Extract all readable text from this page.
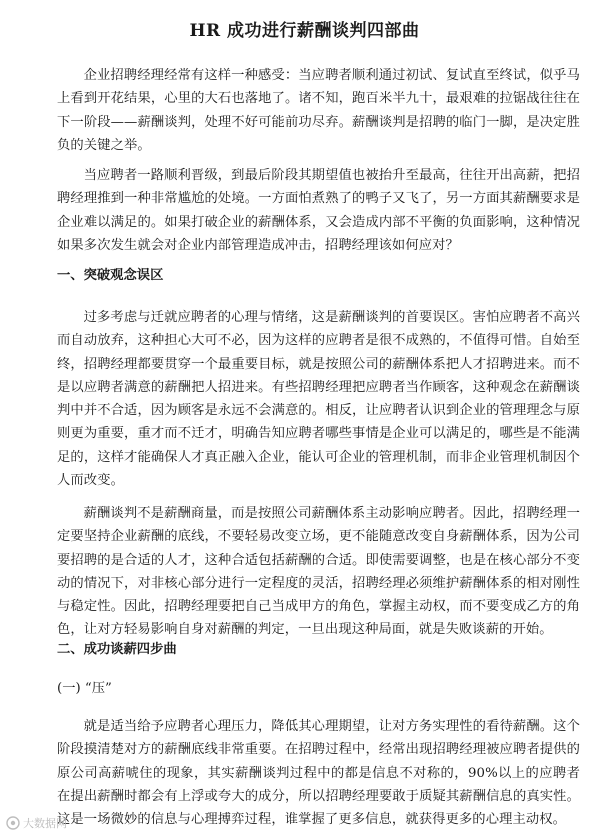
HR 成功进行薪酬谈判四部曲

企业招聘经理经常有这样一种感受：当应聘者顺利通过初试、复试直至终试，似乎马上看到开花结果，心里的大石也落地了。诸不知，跑百米半九十，最艰难的拉锯战往往在下一阶段——薪酬谈判，处理不好可能前功尽弃。薪酬谈判是招聘的临门一脚，是决定胜负的关键之举。

当应聘者一路顺利晋级，到最后阶段其期望值也被抬升至最高，往往开出高薪，把招聘经理推到一种非常尴尬的处境。一方面怕煮熟了的鸭子又飞了，另一方面其薪酬要求是企业难以满足的。如果打破企业的薪酬体系，又会造成内部不平衡的负面影响，这种情况如果多次发生就会对企业内部管理造成冲击，招聘经理该如何应对？

一、突破观念误区

过多考虑与迁就应聘者的心理与情绪，这是薪酬谈判的首要误区。害怕应聘者不高兴而自动放弃，这种担心大可不必，因为这样的应聘者是很不成熟的，不值得可惜。自始至终，招聘经理都要贯穿一个最重要目标，就是按照公司的薪酬体系把人才招聘进来。而不是以应聘者满意的薪酬把人招进来。有些招聘经理把应聘者当作顾客，这种观念在薪酬谈判中并不合适，因为顾客是永远不会满意的。相反，让应聘者认识到企业的管理理念与原则更为重要，重才而不迁才，明确告知应聘者哪些事情是企业可以满足的，哪些是不能满足的，这样才能确保人才真正融入企业，能认可企业的管理机制，而非企业管理机制因个人而改变。

薪酬谈判不是薪酬商量，而是按照公司薪酬体系主动影响应聘者。因此，招聘经理一定要坚持企业薪酬的底线，不要轻易改变立场，更不能随意改变自身薪酬体系，因为公司要招聘的是合适的人才，这种合适包括薪酬的合适。即使需要调整，也是在核心部分不变动的情况下，对非核心部分进行一定程度的灵活，招聘经理必须维护薪酬体系的相对刚性与稳定性。因此，招聘经理要把自己当成甲方的角色，掌握主动权，而不要变成乙方的角色，让对方轻易影响自身对薪酬的判定，一旦出现这种局面，就是失败谈薪的开始。

二、成功谈薪四步曲

(一) “压”

就是适当给予应聘者心理压力，降低其心理期望，让对方务实理性的看待薪酬。这个阶段摸清楚对方的薪酬底线非常重要。在招聘过程中，经常出现招聘经理被应聘者提供的原公司高薪唬住的现象，其实薪酬谈判过程中的都是信息不对称的，90%以上的应聘者在提出薪酬时都会有上浮或夸大的成分，所以招聘经理要敢于质疑其薪酬信息的真实性。这是一场微妙的信息与心理搏弈过程，谁掌握了更多信息，就获得更多的心理主动权。

大数据网
